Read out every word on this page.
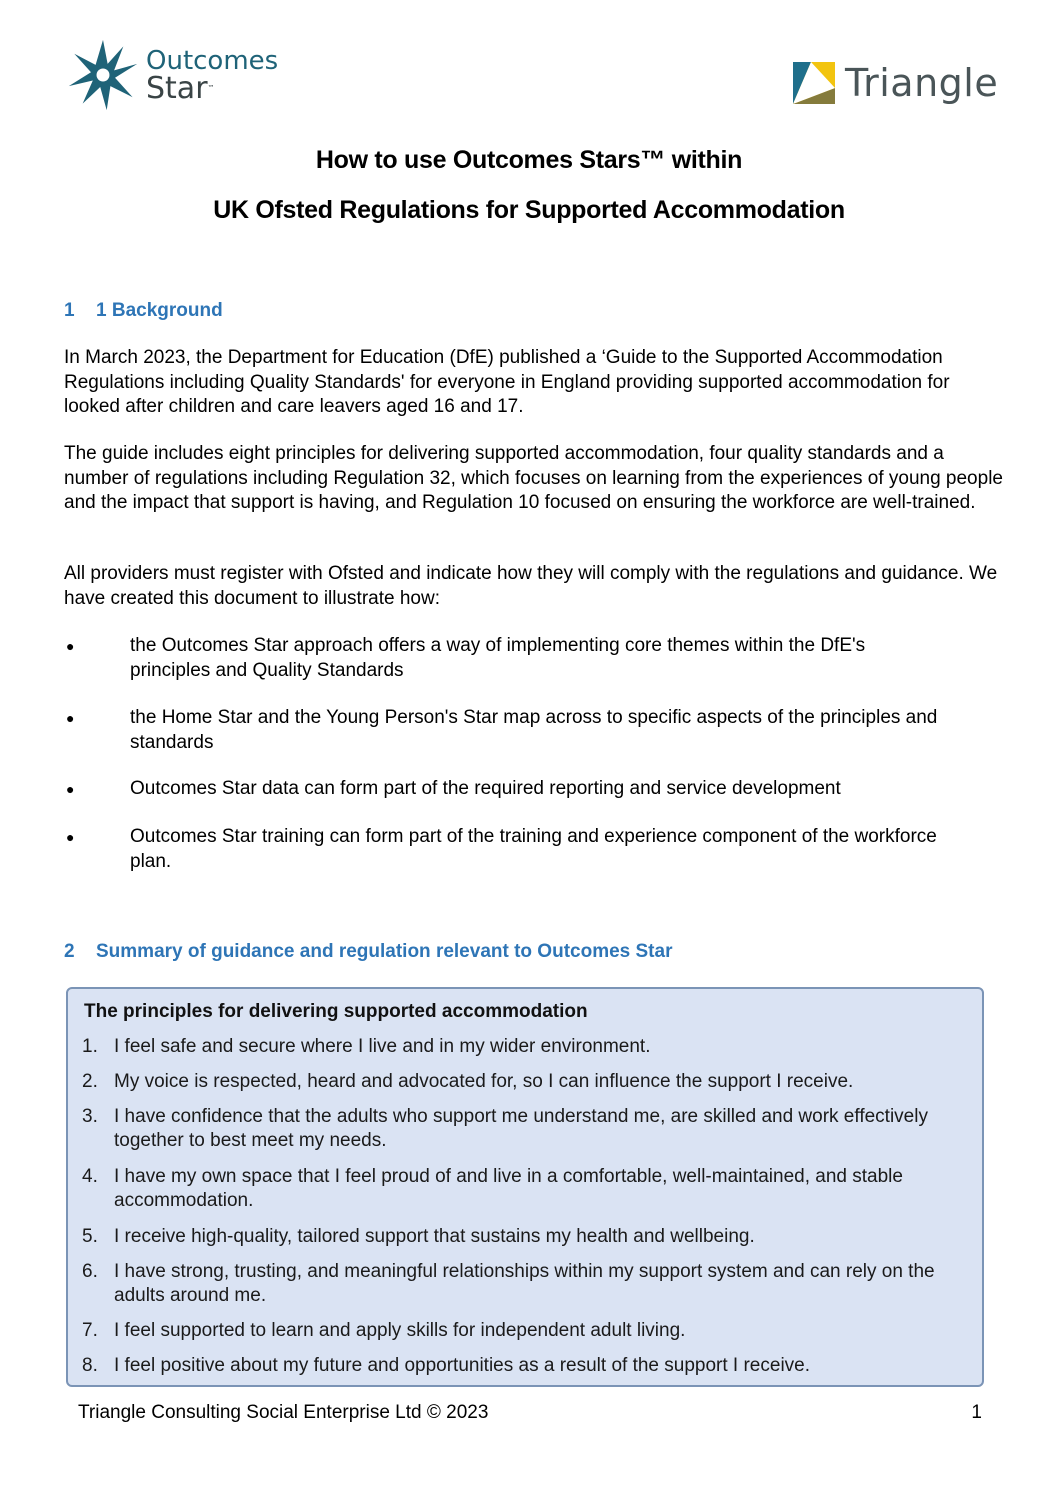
Outcomes
Star™	Triangle
How to use Outcomes Stars™ within
UK Ofsted Regulations for Supported Accommodation
1 1 Background
In March 2023, the Department for Education (DfE) published a ‘Guide to the Supported Accommodation Regulations including Quality Standards' for everyone in England providing supported accommodation for looked after children and care leavers aged 16 and 17.
The guide includes eight principles for delivering supported accommodation, four quality standards and a number of regulations including Regulation 32, which focuses on learning from the experiences of young people and the impact that support is having, and Regulation 10 focused on ensuring the workforce are well-trained.
All providers must register with Ofsted and indicate how they will comply with the regulations and guidance. We have created this document to illustrate how:
●	the Outcomes Star approach offers a way of implementing core themes within the DfE's principles and Quality Standards
●	the Home Star and the Young Person's Star map across to specific aspects of the principles and standards
●	Outcomes Star data can form part of the required reporting and service development
●	Outcomes Star training can form part of the training and experience component of the workforce plan.
2 Summary of guidance and regulation relevant to Outcomes Star
The principles for delivering supported accommodation
1. I feel safe and secure where I live and in my wider environment.
2. My voice is respected, heard and advocated for, so I can influence the support I receive.
3. I have confidence that the adults who support me understand me, are skilled and work effectively together to best meet my needs.
4. I have my own space that I feel proud of and live in a comfortable, well-maintained, and stable accommodation.
5. I receive high-quality, tailored support that sustains my health and wellbeing.
6. I have strong, trusting, and meaningful relationships within my support system and can rely on the adults around me.
7. I feel supported to learn and apply skills for independent adult living.
8. I feel positive about my future and opportunities as a result of the support I receive.
Triangle Consulting Social Enterprise Ltd © 2023	1
